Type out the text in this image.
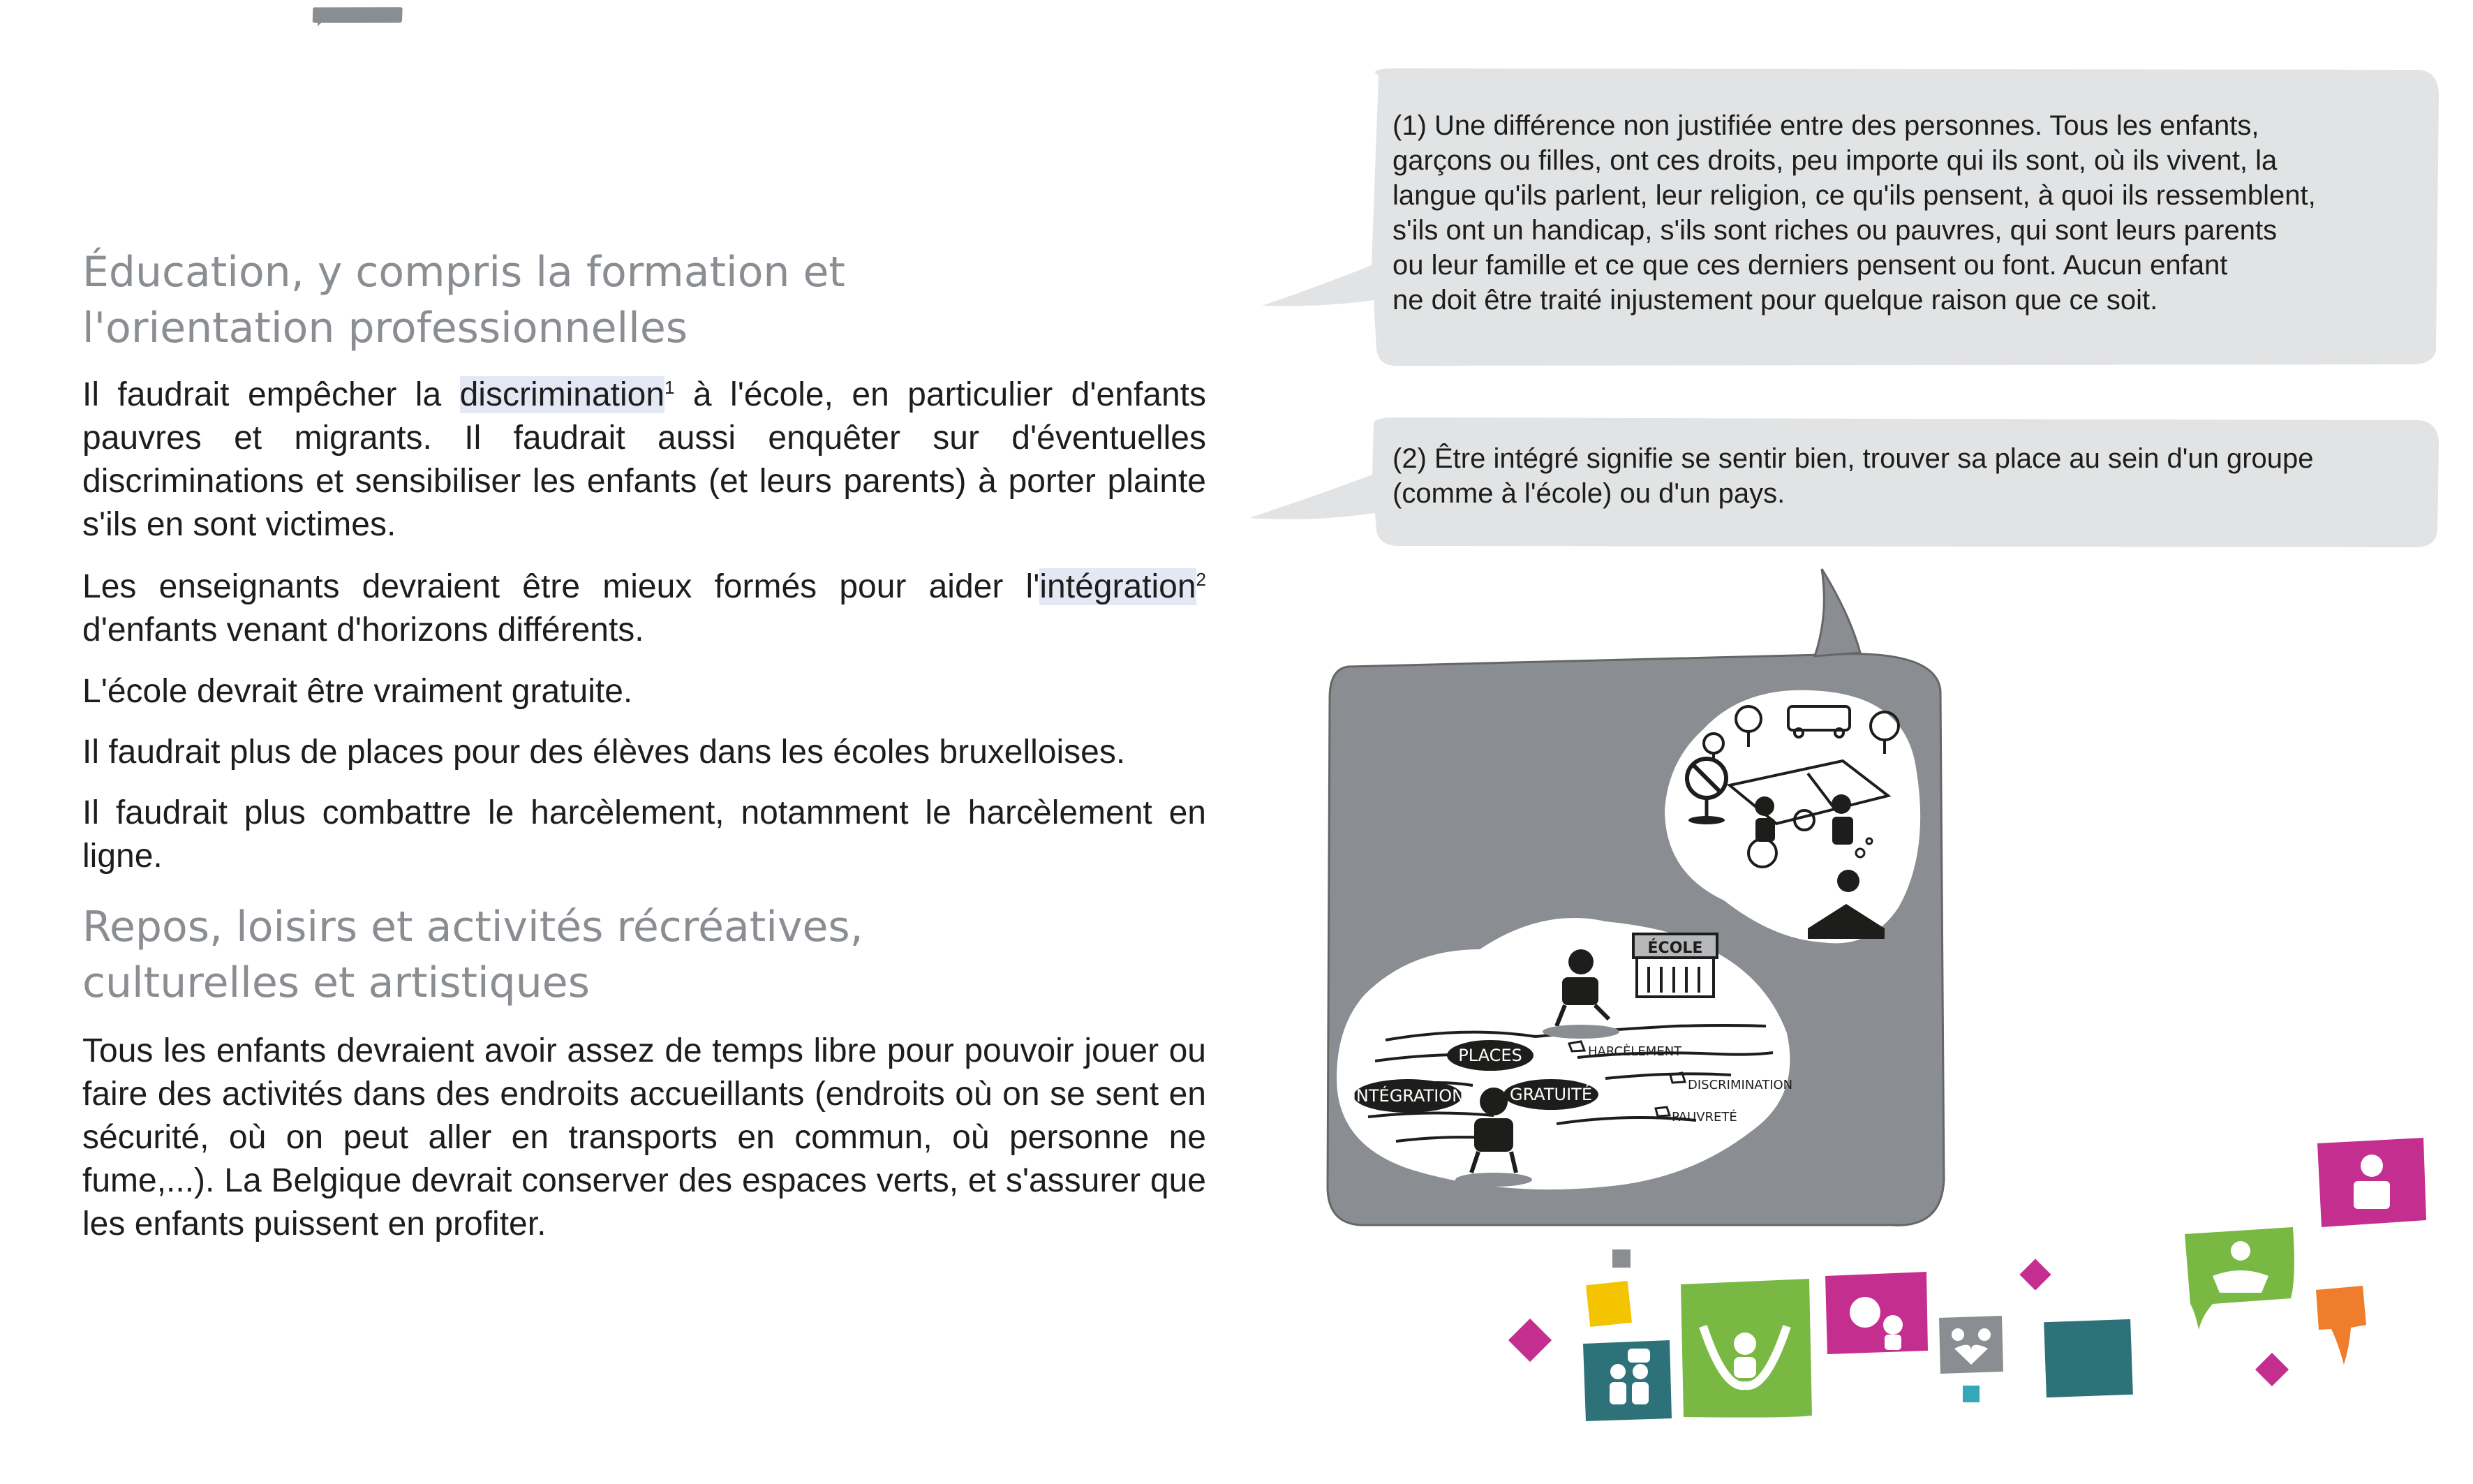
H. Éducation, loisirs et activités culturelles
Éducation, y compris la formation et l'orientation professionnelles

Il faudrait empêcher la discrimination$^1$ à l'école, en particulier d'enfants pauvres et migrants. Il faudrait aussi enquêter sur d'éventuelles discriminations et sensibiliser les enfants (et leurs parents) à porter plainte s'ils en sont victimes.

Les enseignants devraient être mieux formés pour aider l'intégration$^2$ d'enfants venant d'horizons différents.

L'école devrait être vraiment gratuite.

Il faudrait plus de places pour des élèves dans les écoles bruxelloises.

Il faudrait plus combattre le harcèlement, notamment le harcèlement en ligne.

Repos, loisirs et activités récréatives, culturelles et artistiques

Tous les enfants devraient avoir assez de temps libre pour pouvoir jouer ou faire des activités dans des endroits accueillants (endroits où on se sent en sécurité, où on peut aller en transports en commun, où personne ne fume,...). La Belgique devrait conserver des espaces verts, et s'assurer que les enfants puissent en profiter.

(1) Une différence non justifiée entre des personnes. Tous les enfants,
garçons ou filles, ont ces droits, peu importe qui ils sont, où ils vivent, la
langue qu'ils parlent, leur religion, ce qu'ils pensent, à quoi ils ressemblent,
s'ils ont un handicap, s'ils sont riches ou pauvres, qui sont leurs parents
ou leur famille et ce que ces derniers pensent ou font. Aucun enfant
ne doit être traité injustement pour quelque raison que ce soit.
(2) Être intégré signifie se sentir bien, trouver sa place au sein d'un groupe
(comme à l'école) ou d'un pays.
ÉCOLE
PLACES
INTÉGRATION	GRATUITÉ
HARCÈLEMENT
DISCRIMINATION
PAUVRETÉ
